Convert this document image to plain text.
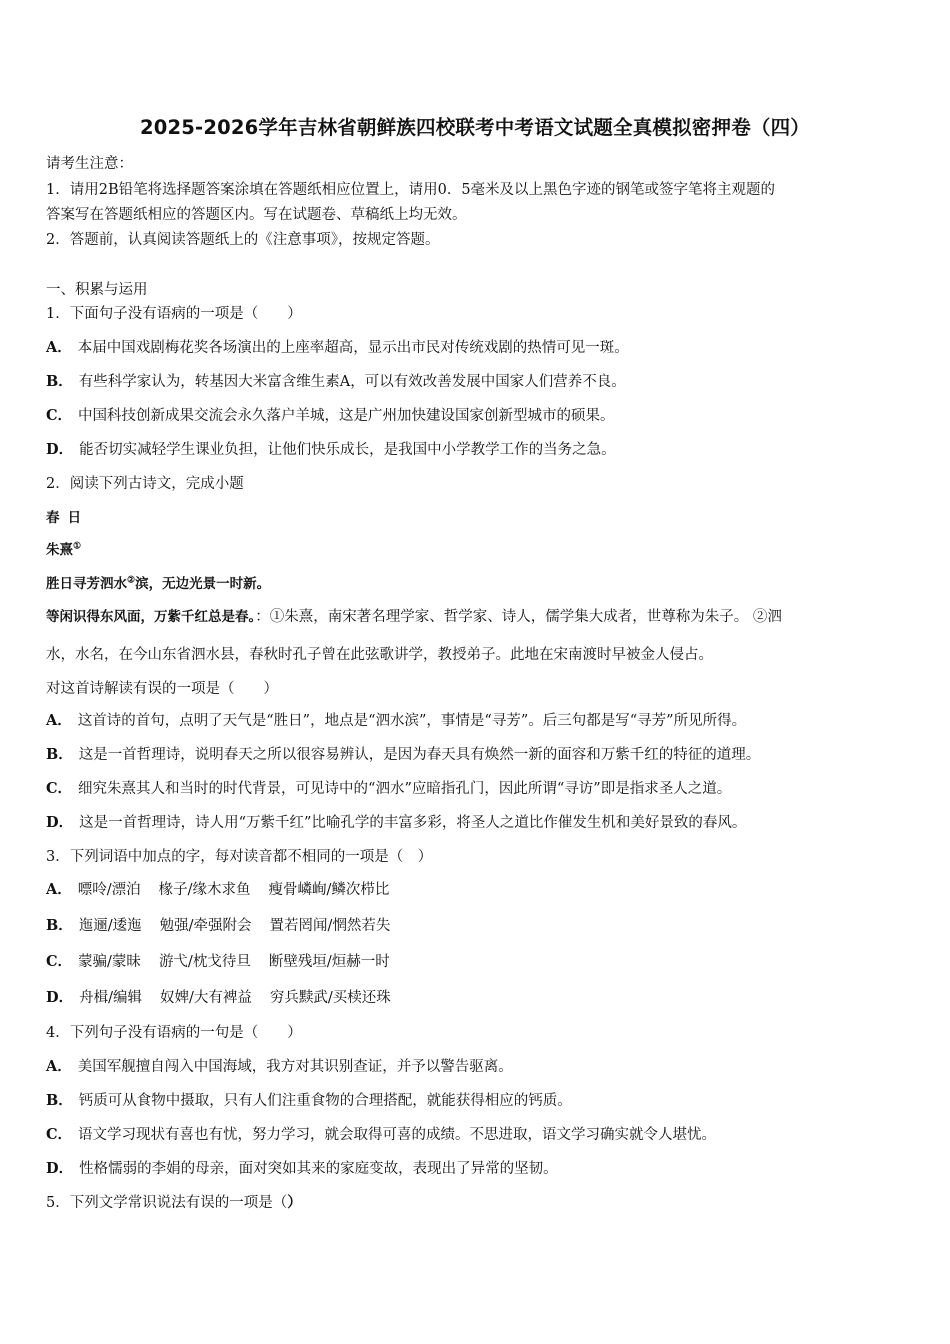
2025-2026学年吉林省朝鲜族四校联考中考语文试题全真模拟密押卷（四）
请考生注意：
1．请用2B铅笔将选择题答案涂填在答题纸相应位置上，请用0．5毫米及以上黑色字迹的钢笔或签字笔将主观题的
答案写在答题纸相应的答题区内。写在试题卷、草稿纸上均无效。
2．答题前，认真阅读答题纸上的《注意事项》，按规定答题。
一、积累与运用
1．下面句子没有语病的一项是（　　）
A． 本届中国戏剧梅花奖各场演出的上座率超高，显示出市民对传统戏剧的热情可见一斑。
B． 有些科学家认为，转基因大米富含维生素A，可以有效改善发展中国家人们营养不良。
C． 中国科技创新成果交流会永久落户羊城，这是广州加快建设国家创新型城市的硕果。
D． 能否切实减轻学生课业负担，让他们快乐成长，是我国中小学教学工作的当务之急。
2．阅读下列古诗文，完成小题
春 日
朱熹①
胜日寻芳泗水②滨，无边光景一时新。
等闲识得东风面，万紫千红总是春。：①朱熹，南宋著名理学家、哲学家、诗人，儒学集大成者，世尊称为朱子。 ②泗
水，水名，在今山东省泗水县，春秋时孔子曾在此弦歌讲学，教授弟子。此地在宋南渡时早被金人侵占。
对这首诗解读有误的一项是（　　）
A． 这首诗的首句，点明了天气是“胜日”，地点是“泗水滨”，事情是“寻芳”。后三句都是写“寻芳”所见所得。
B． 这是一首哲理诗，说明春天之所以很容易辨认，是因为春天具有焕然一新的面容和万紫千红的特征的道理。
C． 细究朱熹其人和当时的时代背景，可见诗中的“泗水”应暗指孔门，因此所谓“寻访”即是指求圣人之道。
D． 这是一首哲理诗，诗人用“万紫千红”比喻孔学的丰富多彩，将圣人之道比作催发生机和美好景致的春风。
3．下列词语中加点的字，每对读音都不相同的一项是（　）
A． 嘌呤/漂泊 椽子/缘木求鱼 瘦骨嶙峋/鳞次栉比
B． 迤逦/逶迤 勉强/牵强附会 置若罔闻/惘然若失
C． 蒙骗/蒙昧 游弋/枕戈待旦 断壁残垣/烜赫一时
D． 舟楫/编辑 奴婢/大有裨益 穷兵黩武/买椟还珠
4．下列句子没有语病的一句是（　　）
A． 美国军舰擅自闯入中国海域，我方对其识别查证，并予以警告驱离。
B． 钙质可从食物中摄取，只有人们注重食物的合理搭配，就能获得相应的钙质。
C． 语文学习现状有喜也有忧，努力学习，就会取得可喜的成绩。不思进取，语文学习确实就令人堪忧。
D． 性格懦弱的李娟的母亲，面对突如其来的家庭变故，表现出了异常的坚韧。
5．下列文学常识说法有误的一项是（）
